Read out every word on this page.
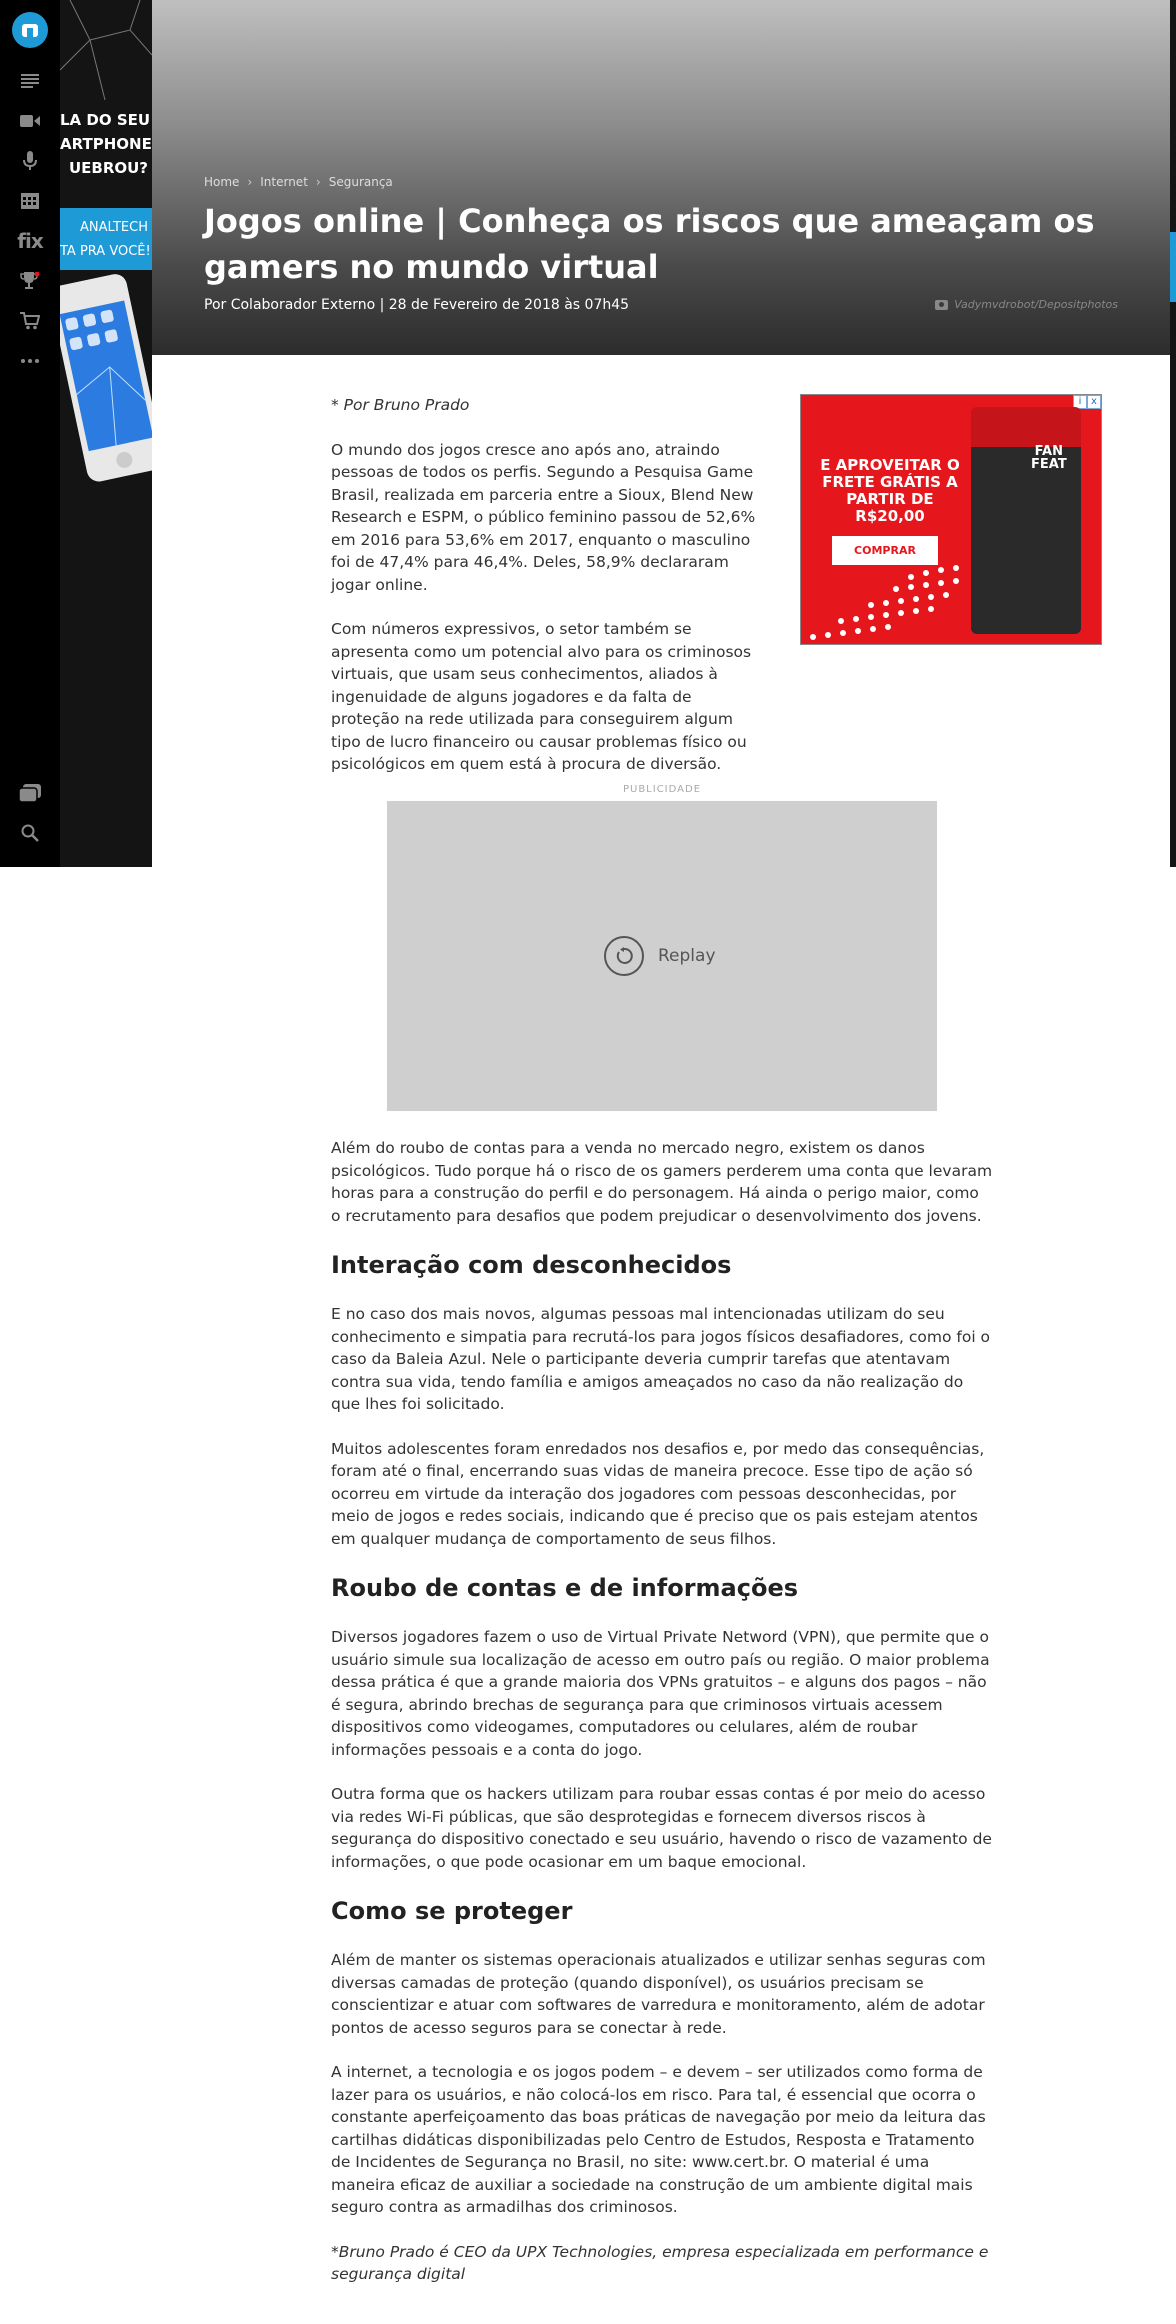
fix
LA DO SEU
ARTPHONE
UEBROU?
ANALTECH
TA PRA VOCÊ!
Home › Internet › Segurança
Jogos online | Conheça os riscos que ameaçam os gamers no mundo virtual
Por Colaborador Externo | 28 de Fevereiro de 2018 às 07h45	Vadymvdrobot/Depositphotos

* Por Bruno Prado

O mundo dos jogos cresce ano após ano, atraindo pessoas de todos os perfis. Segundo a Pesquisa Game Brasil, realizada em parceria entre a Sioux, Blend New Research e ESPM, o público feminino passou de 52,6% em 2016 para 53,6% em 2017, enquanto o masculino foi de 47,4% para 46,4%. Deles, 58,9% declararam jogar online.

Com números expressivos, o setor também se apresenta como um potencial alvo para os criminosos virtuais, que usam seus conhecimentos, aliados à ingenuidade de alguns jogadores e da falta de proteção na rede utilizada para conseguirem algum tipo de lucro financeiro ou causar problemas físico ou psicológicos em quem está à procura de diversão.

i x
E APROVEITAR O FRETE GRÁTIS A PARTIR DE R$20,00
COMPRAR
FAN
FEAT
PUBLICIDADE
Replay

Além do roubo de contas para a venda no mercado negro, existem os danos psicológicos. Tudo porque há o risco de os gamers perderem uma conta que levaram horas para a construção do perfil e do personagem. Há ainda o perigo maior, como o recrutamento para desafios que podem prejudicar o desenvolvimento dos jovens.

Interação com desconhecidos

E no caso dos mais novos, algumas pessoas mal intencionadas utilizam do seu conhecimento e simpatia para recrutá-los para jogos físicos desafiadores, como foi o caso da Baleia Azul. Nele o participante deveria cumprir tarefas que atentavam contra sua vida, tendo família e amigos ameaçados no caso da não realização do que lhes foi solicitado.

Muitos adolescentes foram enredados nos desafios e, por medo das consequências, foram até o final, encerrando suas vidas de maneira precoce. Esse tipo de ação só ocorreu em virtude da interação dos jogadores com pessoas desconhecidas, por meio de jogos e redes sociais, indicando que é preciso que os pais estejam atentos em qualquer mudança de comportamento de seus filhos.

Roubo de contas e de informações

Diversos jogadores fazem o uso de Virtual Private Netword (VPN), que permite que o usuário simule sua localização de acesso em outro país ou região. O maior problema dessa prática é que a grande maioria dos VPNs gratuitos – e alguns dos pagos – não é segura, abrindo brechas de segurança para que criminosos virtuais acessem dispositivos como videogames, computadores ou celulares, além de roubar informações pessoais e a conta do jogo.

Outra forma que os hackers utilizam para roubar essas contas é por meio do acesso via redes Wi-Fi públicas, que são desprotegidas e fornecem diversos riscos à segurança do dispositivo conectado e seu usuário, havendo o risco de vazamento de informações, o que pode ocasionar em um baque emocional.

Como se proteger

Além de manter os sistemas operacionais atualizados e utilizar senhas seguras com diversas camadas de proteção (quando disponível), os usuários precisam se conscientizar e atuar com softwares de varredura e monitoramento, além de adotar pontos de acesso seguros para se conectar à rede.

A internet, a tecnologia e os jogos podem – e devem – ser utilizados como forma de lazer para os usuários, e não colocá-los em risco. Para tal, é essencial que ocorra o constante aperfeiçoamento das boas práticas de navegação por meio da leitura das cartilhas didáticas disponibilizadas pelo Centro de Estudos, Resposta e Tratamento de Incidentes de Segurança no Brasil, no site: www.cert.br. O material é uma maneira eficaz de auxiliar a sociedade na construção de um ambiente digital mais seguro contra as armadilhas dos criminosos.

*Bruno Prado é CEO da UPX Technologies, empresa especializada em performance e segurança digital
